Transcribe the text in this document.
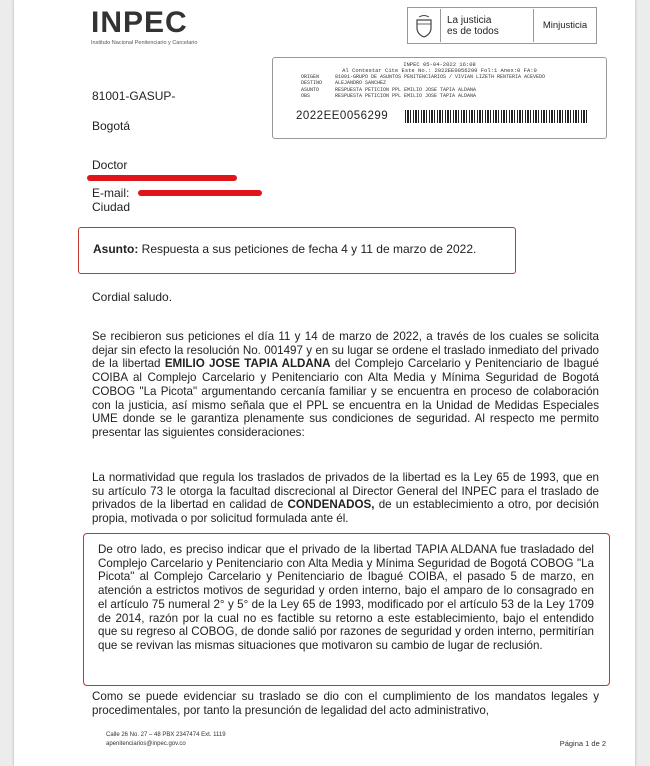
INPEC
Instituto Nacional Penitenciario y Carcelario
La justicia
es de todos	Minjusticia
INPEC 05-04-2022 16:08
Al Contestar Cite Este No.: 2022EE0056299 Fol:1 Anex:0 FA:0
ORIGEN	81001-GRUPO DE ASUNTOS PENITENCIARIOS / VIVIAN LIZETH RENTERIA ACEVEDO
DESTINO	ALEJANDRO SANCHEZ
ASUNTO	RESPUESTA PETICION PPL EMILIO JOSE TAPIA ALDANA
OBS	RESPUESTA PETICION PPL EMILIO JOSE TAPIA ALDANA
2022EE0056299
81001-GASUP-
Bogotá
Doctor
E-mail:
Ciudad

Asunto: Respuesta a sus peticiones de fecha 4 y 11 de marzo de 2022.

Cordial saludo.

Se recibieron sus peticiones el día 11 y 14 de marzo de 2022, a través de los cuales se solicita dejar sin efecto la resolución No. 001497 y en su lugar se ordene el traslado inmediato del privado de la libertad EMILIO JOSE TAPIA ALDANA del Complejo Carcelario y Penitenciario de Ibagué COIBA al Complejo Carcelario y Penitenciario con Alta Media y Mínima Seguridad de Bogotá COBOG "La Picota" argumentando cercanía familiar y se encuentra en proceso de colaboración con la justicia, así mismo señala que el PPL se encuentra en la Unidad de Medidas Especiales UME donde se le garantiza plenamente sus condiciones de seguridad. Al respecto me permito presentar las siguientes consideraciones:

La normatividad que regula los traslados de privados de la libertad es la Ley 65 de 1993, que en su artículo 73 le otorga la facultad discrecional al Director General del INPEC para el traslado de privados de la libertad en calidad de CONDENADOS, de un establecimiento a otro, por decisión propia, motivada o por solicitud formulada ante él.

De otro lado, es preciso indicar que el privado de la libertad TAPIA ALDANA fue trasladado del Complejo Carcelario y Penitenciario con Alta Media y Mínima Seguridad de Bogotá COBOG "La Picota" al Complejo Carcelario y Penitenciario de Ibagué COIBA, el pasado 5 de marzo, en atención a estrictos motivos de seguridad y orden interno, bajo el amparo de lo consagrado en el artículo 75 numeral 2° y 5° de la Ley 65 de 1993, modificado por el artículo 53 de la Ley 1709 de 2014, razón por la cual no es factible su retorno a este establecimiento, bajo el entendido que su regreso al COBOG, de donde salió por razones de seguridad y orden interno, permitirían que se revivan las mismas situaciones que motivaron su cambio de lugar de reclusión.

Como se puede evidenciar su traslado se dio con el cumplimiento de los mandatos legales y procedimentales, por tanto la presunción de legalidad del acto administrativo,

Calle 26 No. 27 – 48 PBX 2347474 Ext. 1119
apenitenciarios@inpec.gov.co	Página 1 de 2
